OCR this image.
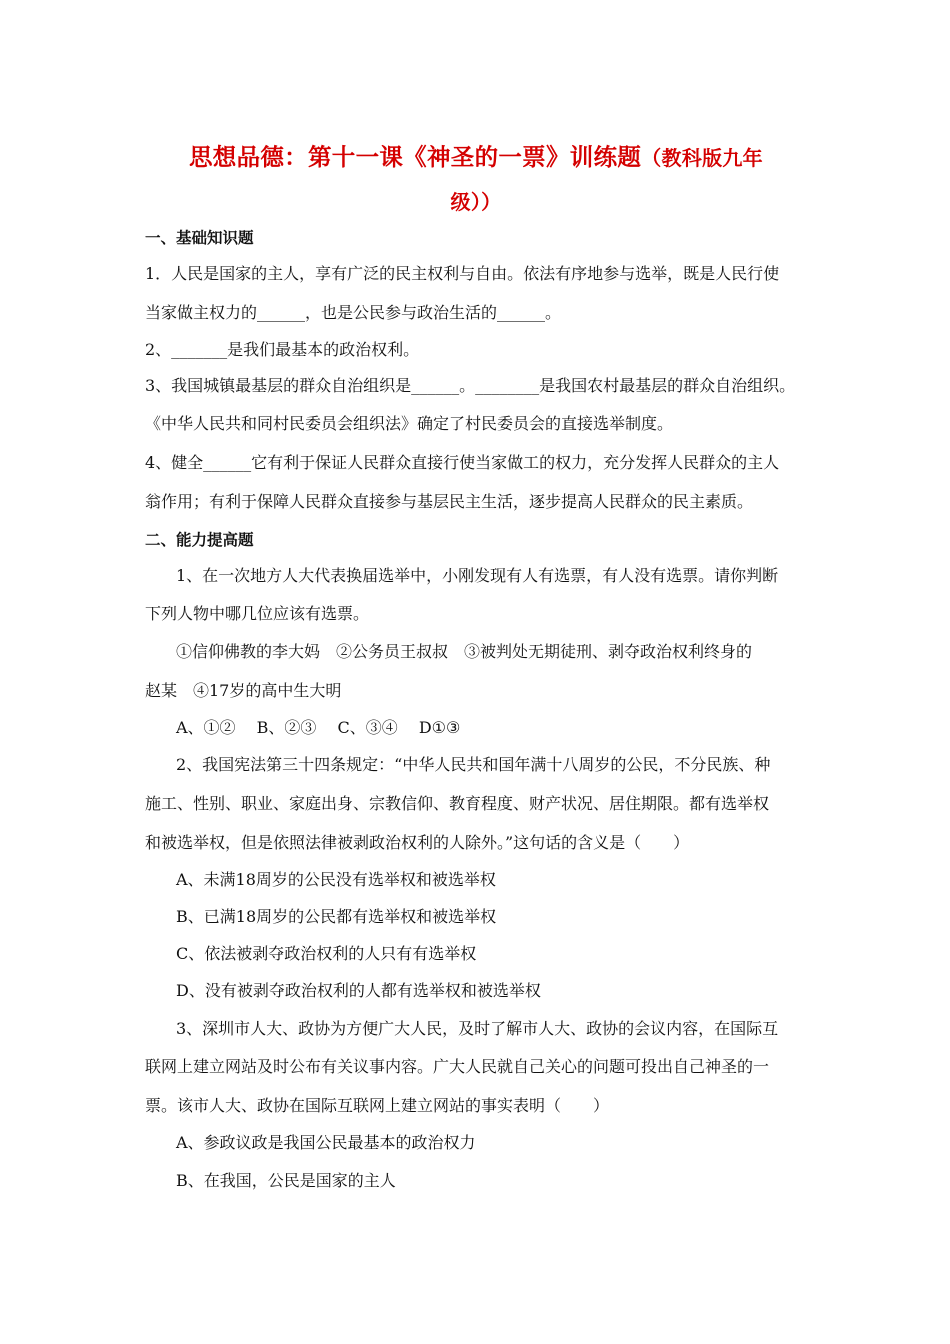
思想品德：第十一课《神圣的一票》训练题（教科版九年
级））
一、基础知识题
1．人民是国家的主人，享有广泛的民主权利与自由。依法有序地参与选举，既是人民行使
当家做主权力的______，也是公民参与政治生活的______。
2、_______是我们最基本的政治权利。
3、我国城镇最基层的群众自治组织是______。________是我国农村最基层的群众自治组织。
《中华人民共和同村民委员会组织法》确定了村民委员会的直接选举制度。
4、健全______它有利于保证人民群众直接行使当家做工的权力，充分发挥人民群众的主人
翁作用；有利于保障人民群众直接参与基层民主生活，逐步提高人民群众的民主素质。
二、能力提高题
1、在一次地方人大代表换届选举中，小刚发现有人有选票，有人没有选票。请你判断
下列人物中哪几位应该有选票。
①信仰佛教的李大妈　②公务员王叔叔　③被判处无期徒刑、剥夺政治权利终身的
赵某　④17岁的高中生大明
A、①②　 B、②③　 C、③④　 D①③
2、我国宪法第三十四条规定：“中华人民共和国年满十八周岁的公民，不分民族、种
施工、性别、职业、家庭出身、宗教信仰、教育程度、财产状况、居住期限。都有选举权
和被选举权，但是依照法律被剥政治权利的人除外。”这句话的含义是（　　）
A、未满18周岁的公民没有选举权和被选举权
B、已满18周岁的公民都有选举权和被选举权
C、依法被剥夺政治权利的人只有有选举权
D、没有被剥夺政治权利的人都有选举权和被选举权
3、深圳市人大、政协为方便广大人民，及时了解市人大、政协的会议内容，在国际互
联网上建立网站及时公布有关议事内容。广大人民就自己关心的问题可投出自己神圣的一
票。该市人大、政协在国际互联网上建立网站的事实表明（　　）
A、参政议政是我国公民最基本的政治权力
B、在我国，公民是国家的主人
